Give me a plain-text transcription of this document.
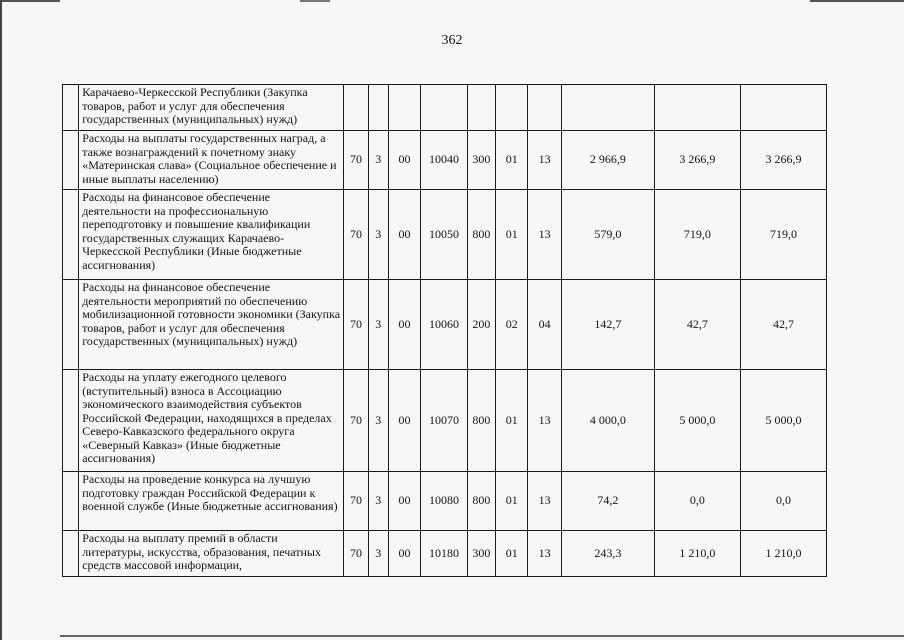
362
	Карачаево-Черкесской Республики (Закупка товаров, работ и услуг для обеспечения государственных (муниципальных) нужд)										
	Расходы на выплаты государственных наград, а также вознаграждений к почетному знаку «Материнская слава» (Социальное обеспечение и иные выплаты населению)	70	3	00	10040	300	01	13	2 966,9	3 266,9	3 266,9
	Расходы на финансовое обеспечение деятельности на профессиональную переподготовку и повышение квалификации государственных служащих Карачаево-Черкесской Республики (Иные бюджетные ассигнования)	70	3	00	10050	800	01	13	579,0	719,0	719,0
	Расходы на финансовое обеспечение деятельности мероприятий по обеспечению мобилизационной готовности экономики (Закупка товаров, работ и услуг для обеспечения государственных (муниципальных) нужд)	70	3	00	10060	200	02	04	142,7	42,7	42,7
	Расходы на уплату ежегодного целевого (вступительный) взноса в Ассоциацию экономического взаимодействия субъектов Российской Федерации, находящихся в пределах Северо-Кавказского федерального округа «Северный Кавказ» (Иные бюджетные ассигнования)	70	3	00	10070	800	01	13	4 000,0	5 000,0	5 000,0
	Расходы на проведение конкурса на лучшую подготовку граждан Российской Федерации к военной службе (Иные бюджетные ассигнования)	70	3	00	10080	800	01	13	74,2	0,0	0,0
	Расходы на выплату премий в области литературы, искусства, образования, печатных средств массовой информации,	70	3	00	10180	300	01	13	243,3	1 210,0	1 210,0
